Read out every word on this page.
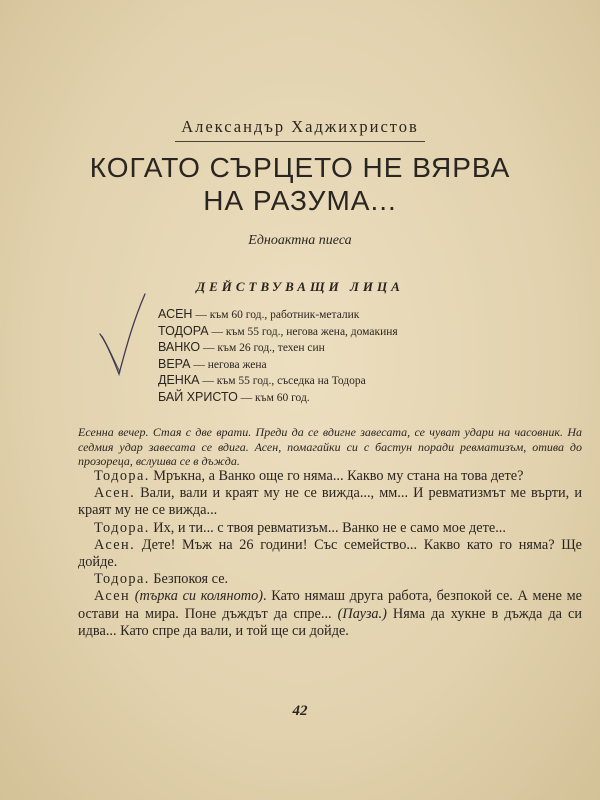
Александър Хаджихристов
КОГАТО СЪРЦЕТО НЕ ВЯРВА
НА РАЗУМА...
Едноактна пиеса
ДЕЙСТВУВАЩИ ЛИЦА
АСЕН — към 60 год., работник-металик
ТОДОРА — към 55 год., негова жена, домакиня
ВАНКО — към 26 год., техен син
ВЕРА — негова жена
ДЕНКА — към 55 год., съседка на Тодора
БАЙ ХРИСТО — към 60 год.
Есенна вечер. Стая с две врати. Преди да се вдигне завесата, се чуват удари на часовник. На седмия удар завесата се вдига. Асен, помагайки си с бастун поради ревматизъм, отива до прозореца, вслушва се в дъжда.

Тодора. Мръкна, а Ванко още го няма... Какво му стана на това дете?

Асен. Вали, вали и краят му не се вижда..., мм... И ревматизмът ме върти, и краят му не се вижда...

Тодора. Их, и ти... с твоя ревматизъм... Ванко не е само мое дете...

Асен. Дете! Мъж на 26 години! Със семейство... Какво като го няма? Ще дойде.

Тодора. Безпокоя се.

Асен (търка си коляното). Като нямаш друга работа, безпокой се. А мене ме остави на мира. Поне дъждът да спре... (Пауза.) Няма да хукне в дъжда да си идва... Като спре да вали, и той ще си дойде.

42
